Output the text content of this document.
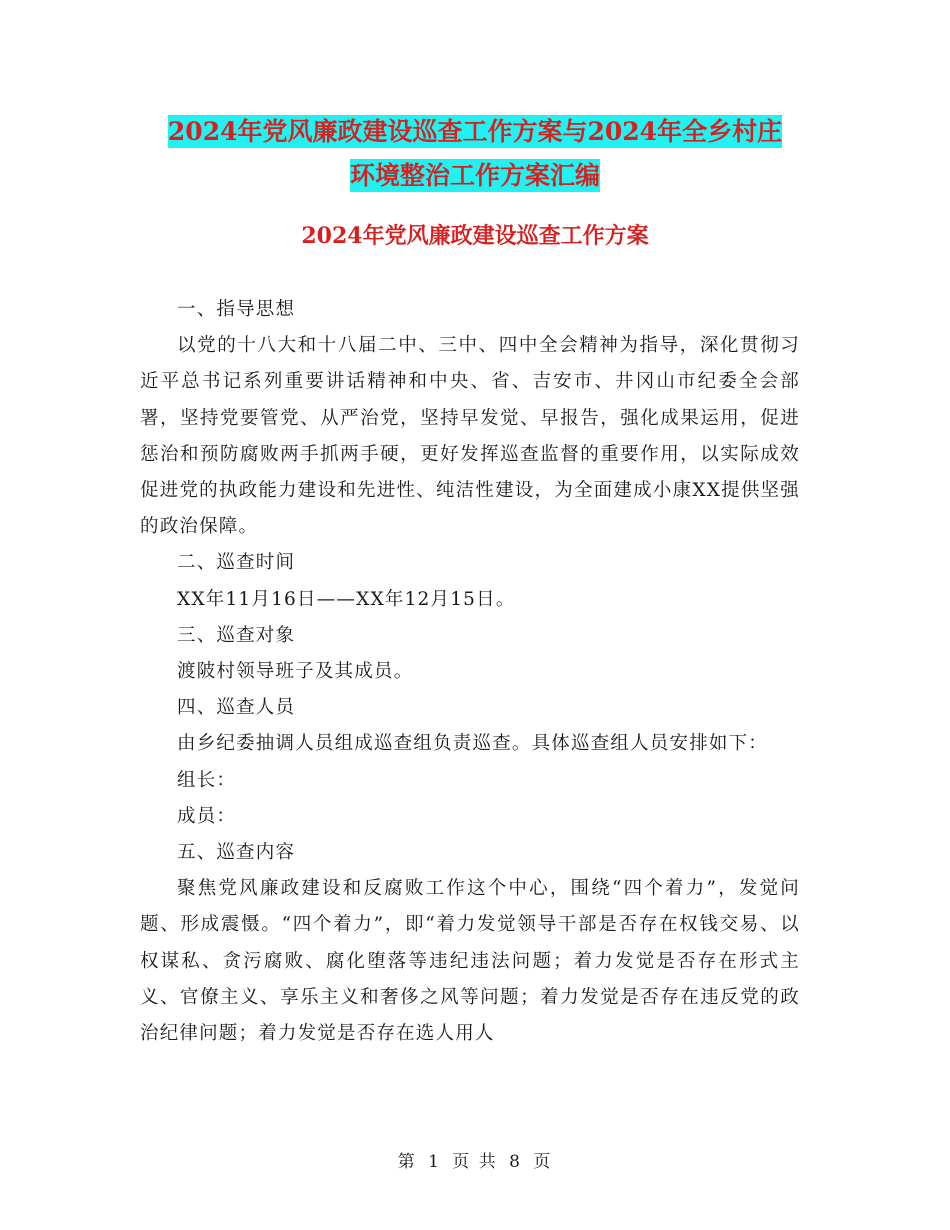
2024年党风廉政建设巡查工作方案与2024年全乡村庄
环境整治工作方案汇编
2024年党风廉政建设巡查工作方案

一、指导思想

以党的十八大和十八届二中、三中、四中全会精神为指导，深化贯彻习近平总书记系列重要讲话精神和中央、省、吉安市、井冈山市纪委全会部署，坚持党要管党、从严治党，坚持早发觉、早报告，强化成果运用，促进惩治和预防腐败两手抓两手硬，更好发挥巡查监督的重要作用，以实际成效促进党的执政能力建设和先进性、纯洁性建设，为全面建成小康XX提供坚强的政治保障。

二、巡查时间

XX年11月16日——XX年12月15日。

三、巡查对象

渡陂村领导班子及其成员。

四、巡查人员

由乡纪委抽调人员组成巡查组负责巡查。具体巡查组人员安排如下：

组长：

成员：

五、巡查内容

聚焦党风廉政建设和反腐败工作这个中心，围绕“四个着力”，发觉问题、形成震慑。“四个着力”，即“着力发觉领导干部是否存在权钱交易、以权谋私、贪污腐败、腐化堕落等违纪违法问题；着力发觉是否存在形式主义、官僚主义、享乐主义和奢侈之风等问题；着力发觉是否存在违反党的政治纪律问题；着力发觉是否存在选人用人

第 1 页 共 8 页
